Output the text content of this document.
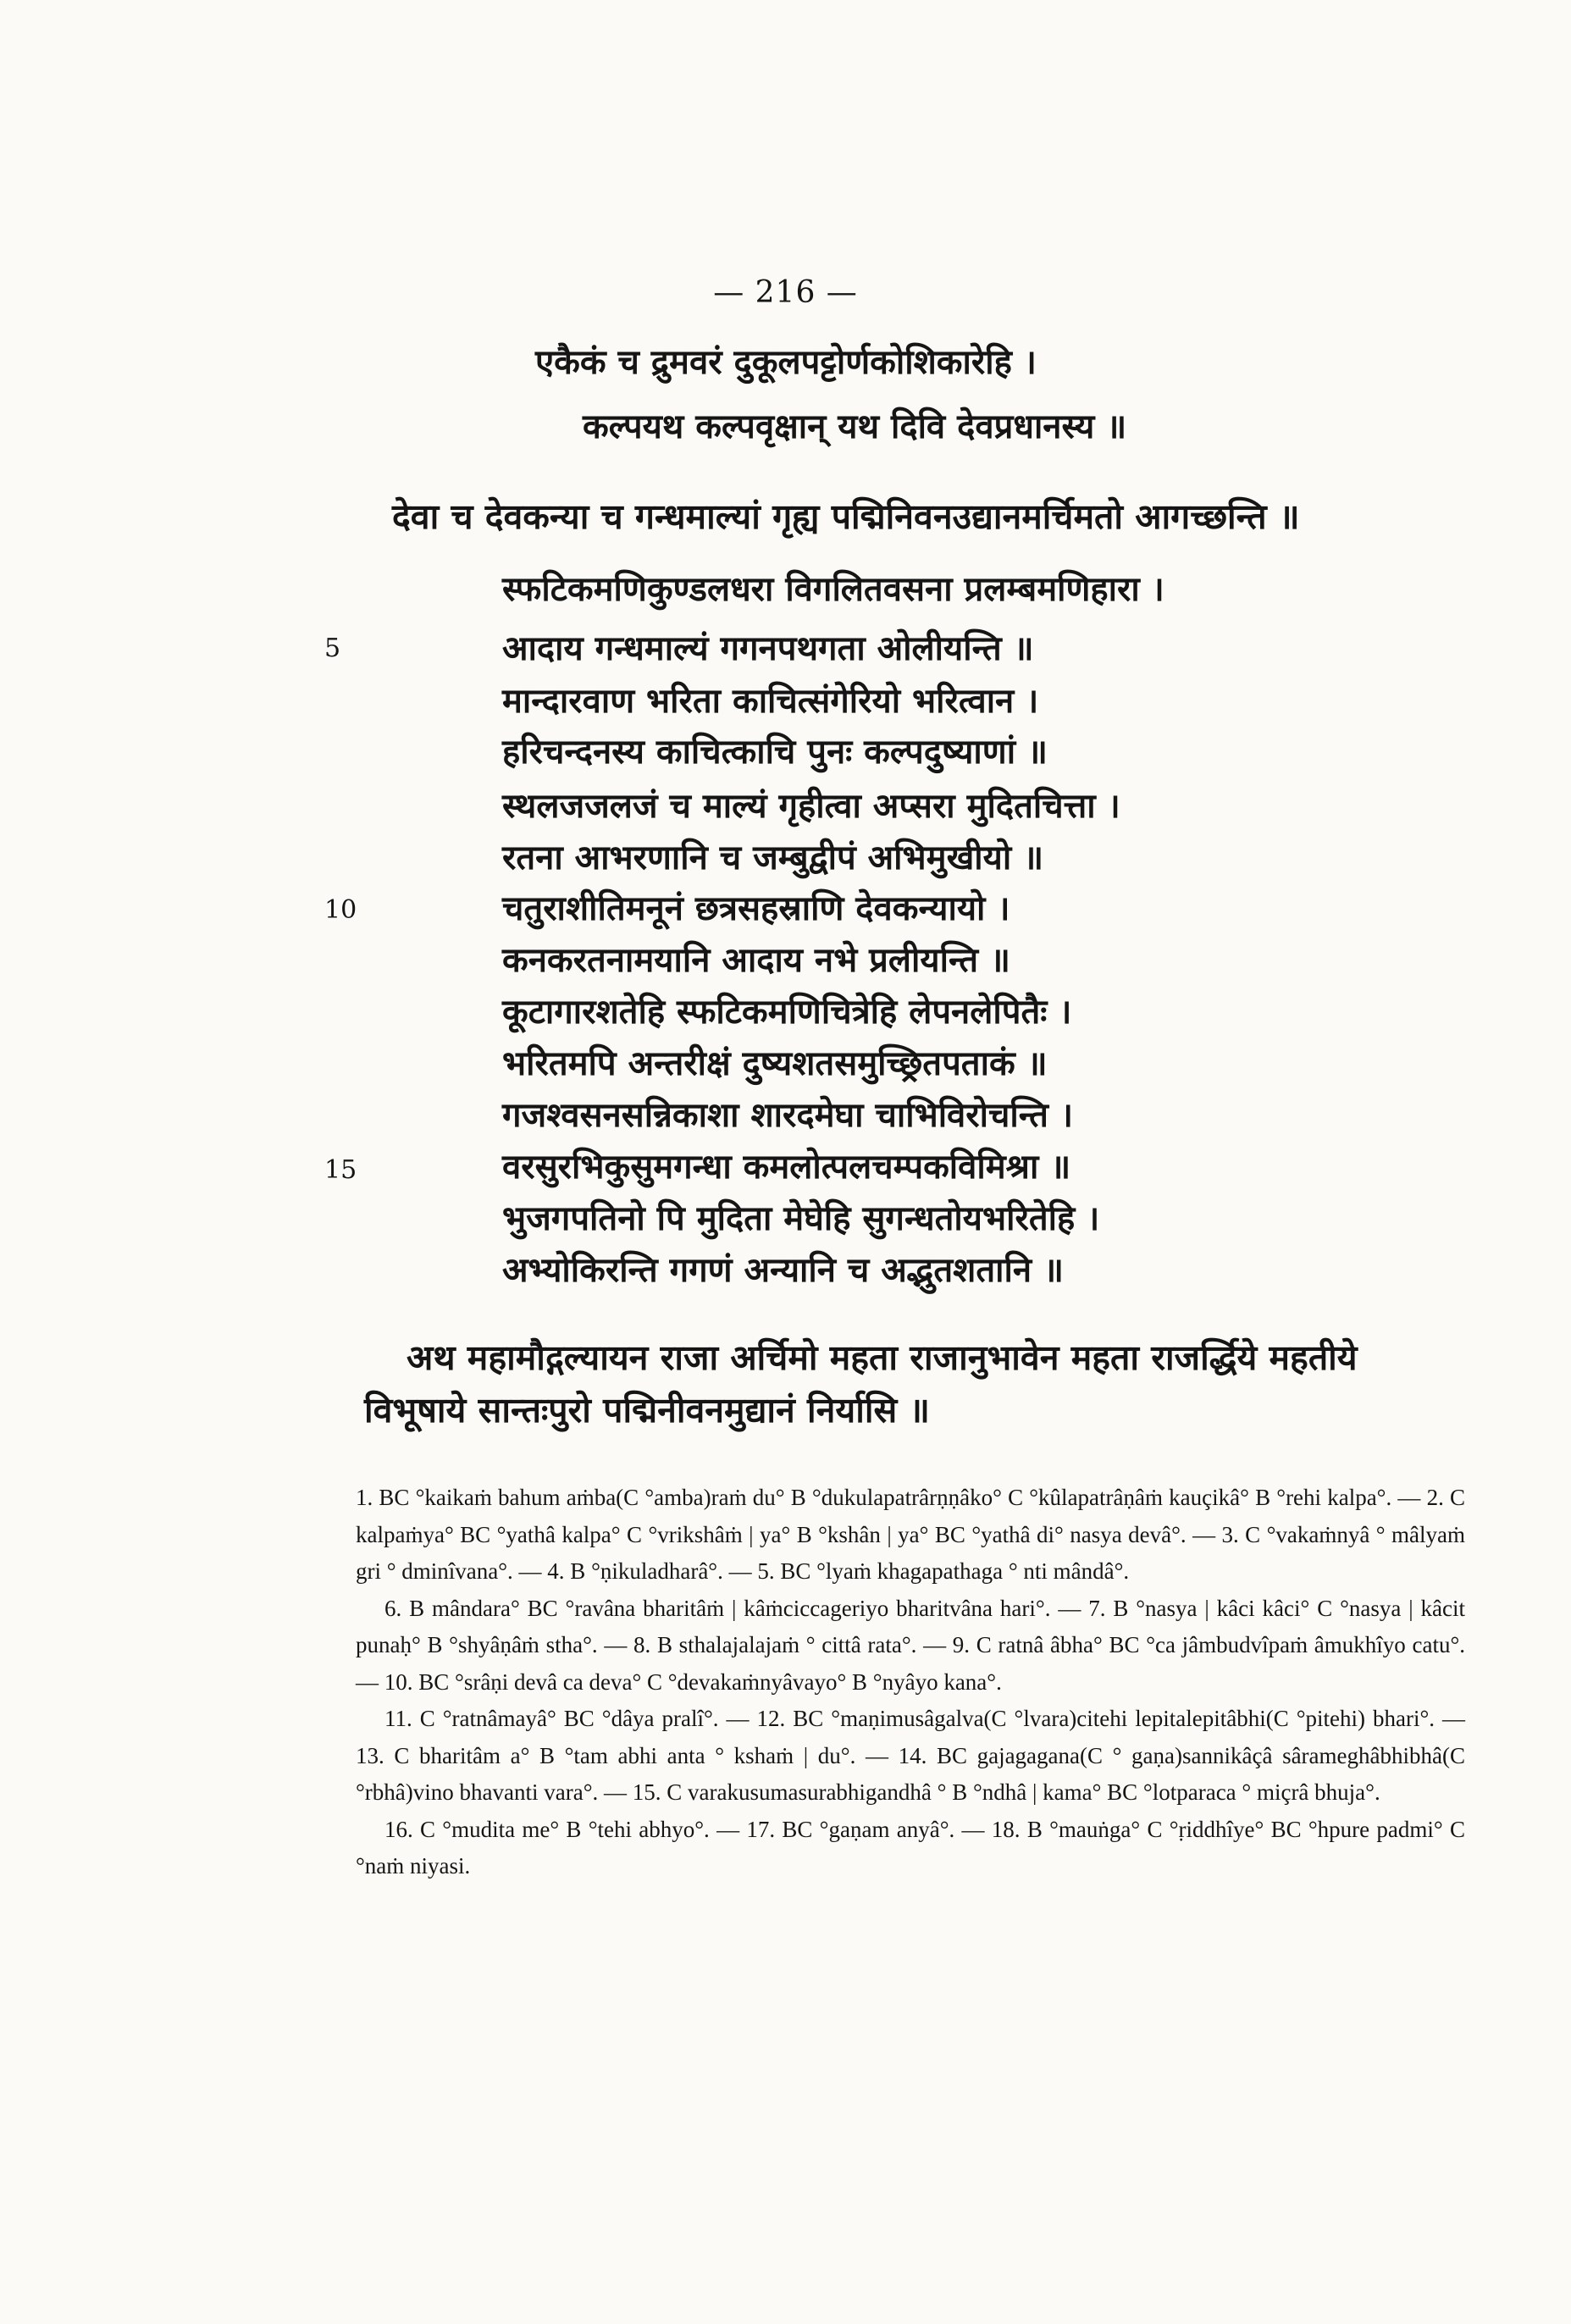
— 216 —
एकैकं च द्रुमवरं दुकूलपट्टोर्णकोशिकारेहि ।
कल्पयथ कल्पवृक्षान् यथ दिवि देवप्रधानस्य ॥
देवा च देवकन्या च गन्धमाल्यां गृह्य पद्मिनिवनउद्यानमर्चिमतो आगच्छन्ति ॥
स्फटिकमणिकुण्डलधरा विगलितवसना प्रलम्बमणिहारा ।
5	आदाय गन्धमाल्यं गगनपथगता ओलीयन्ति ॥
मान्दारवाण भरिता काचित्संगेरियो भरित्वान ।
हरिचन्दनस्य काचित्काचि पुनः कल्पदुष्याणां ॥
स्थलजजलजं च माल्यं गृहीत्वा अप्सरा मुदितचित्ता ।
रतना आभरणानि च जम्बुद्वीपं अभिमुखीयो ॥
10	चतुराशीतिमनूनं छत्रसहस्राणि देवकन्यायो ।
कनकरतनामयानि आदाय नभे प्रलीयन्ति ॥
कूटागारशतेहि स्फटिकमणिचित्रेहि लेपनलेपितैः ।
भरितमपि अन्तरीक्षं दुष्यशतसमुच्छ्रितपताकं ॥
गजश्वसनसन्निकाशा शारदमेघा चाभिविरोचन्ति ।
15	वरसुरभिकुसुमगन्धा कमलोत्पलचम्पकविमिश्रा ॥
भुजगपतिनो पि मुदिता मेघेहि सुगन्धतोयभरितेहि ।
अभ्योकिरन्ति गगणं अन्यानि च अद्भुतशतानि ॥
अथ महामौद्गल्यायन राजा अर्चिमो महता राजानुभावेन महता राजर्द्धिये महतीये विभूषाये सान्तःपुरो पद्मिनीवनमुद्यानं निर्यासि ॥

1. BC °kaikaṁ bahum aṁba(C °amba)raṁ du° B °dukulapatrârṇṇâko° C °kûlapatrâṇâṁ kauçikâ° B °rehi kalpa°. — 2. C kalpaṁya° BC °yathâ kalpa° C °vrikshâṁ | ya° B °kshân | ya° BC °yathâ di° nasya devâ°. — 3. C °vakaṁnyâ ° mâlyaṁ gri ° dminîvana°. — 4. B °ṇikuladharâ°. — 5. BC °lyaṁ khagapathaga ° nti mândâ°.

6. B mândara° BC °ravâna bharitâṁ | kâṁciccageriyo bharitvâna hari°. — 7. B °nasya | kâci kâci° C °nasya | kâcit punaḥ° B °shyâṇâṁ stha°. — 8. B sthalajalajaṁ ° cittâ rata°. — 9. C ratnâ âbha° BC °ca jâmbudvîpaṁ âmukhîyo catu°. — 10. BC °srâṇi devâ ca deva° C °devakaṁnyâvayo° B °nyâyo kana°.

11. C °ratnâmayâ° BC °dâya pralî°. — 12. BC °maṇimusâgalva(C °lvara)citehi lepitalepitâbhi(C °pitehi) bhari°. — 13. C bharitâm a° B °tam abhi anta ° kshaṁ | du°. — 14. BC gajagagana(C ° gaṇa)sannikâçâ sârameghâbhibhâ(C °rbhâ)vino bhavanti vara°. — 15. C varakusumasurabhigandhâ ° B °ndhâ | kama° BC °lotparaca ° miçrâ bhuja°.

16. C °mudita me° B °tehi abhyo°. — 17. BC °gaṇam anyâ°. — 18. B °mauṅga° C °ṛiddhîye° BC °hpure padmi° C °naṁ niyasi.
